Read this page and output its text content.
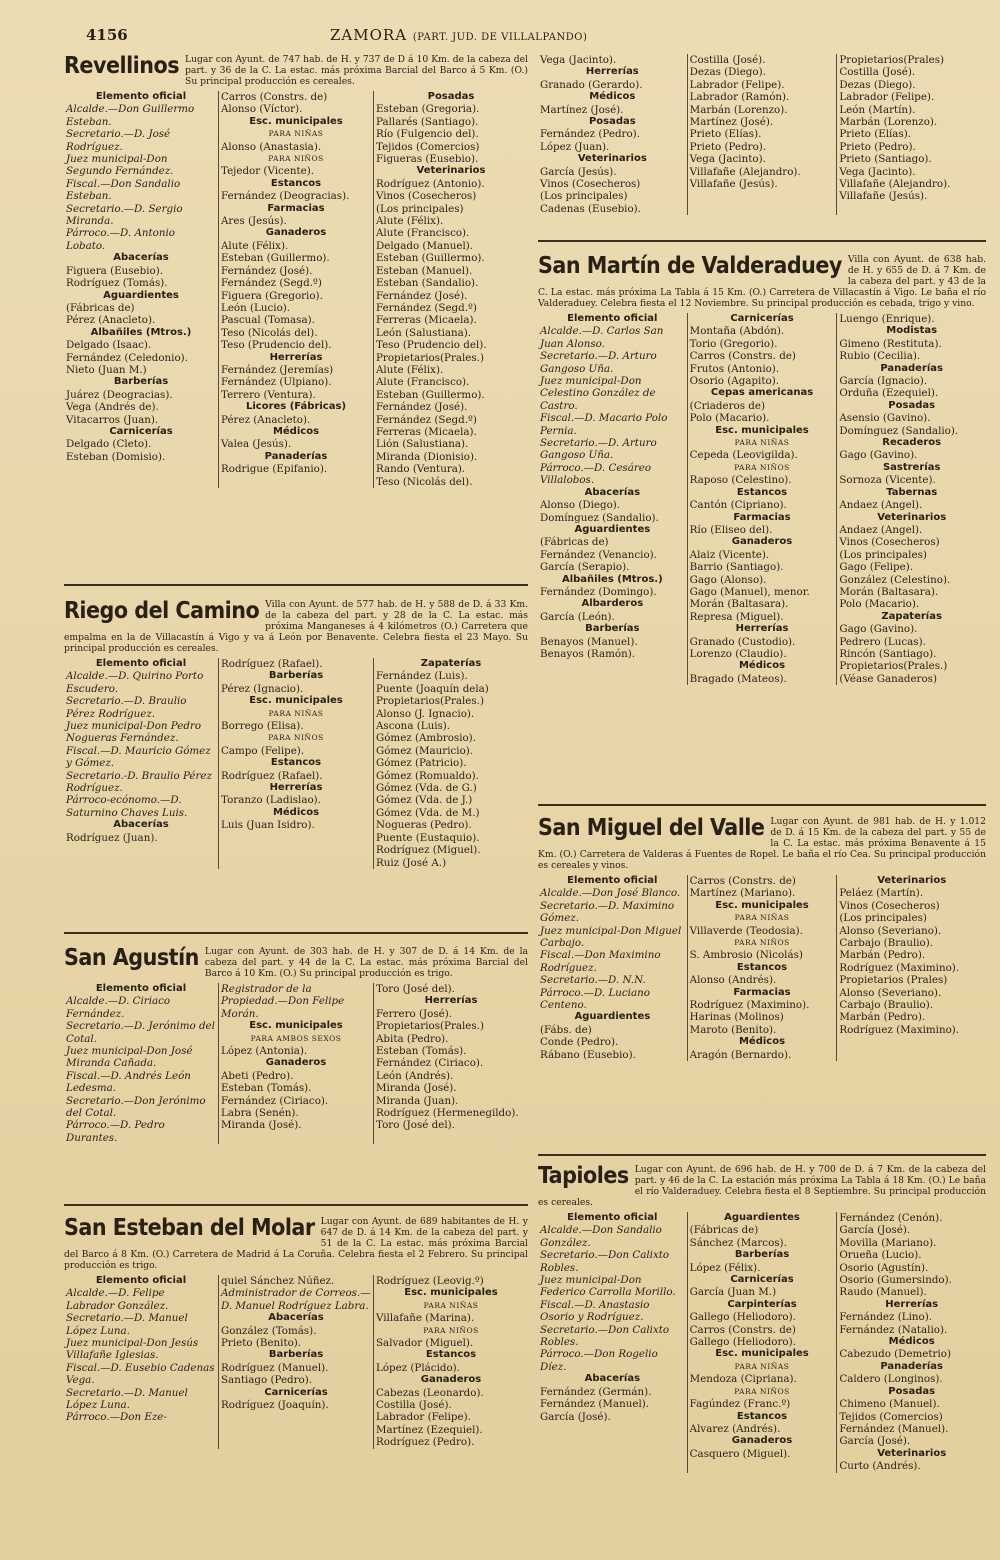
4156	ZAMORA (PART. JUD. DE VILLALPANDO)
Revellinos Lugar con Ayunt. de 747 hab. de H. y 737 de D á 10 Km. de la cabeza del part. y 36 de la C. La estac. más próxima Barcial del Barco á 5 Km. (O.) Su principal producción es cereales.
Elemento oficial
Alcalde.—Don Guillermo Esteban.
Secretario.—D. José Rodríguez.
Juez municipal-Don Segundo Fernández.
Fiscal.—Don Sandalio Esteban.
Secretario.—D. Sergio Miranda.
Párroco.—D. Antonio Lobato.
Abacerías
Figuera (Eusebio).
Rodríguez (Tomás).
Aguardientes
(Fábricas de)
Pérez (Anacleto).
Albañiles (Mtros.)
Delgado (Isaac).
Fernández (Celedonio).
Nieto (Juan M.)
Barberías
Juárez (Deogracias).
Vega (Andrés de).
Vitacarros (Juan).
Carnicerías
Delgado (Cleto).
Esteban (Domisio).
Carros (Constrs. de)
Alonso (Víctor).
Esc. municipales
PARA NIÑAS
Alonso (Anastasia).
PARA NIÑOS
Tejedor (Vicente).
Estancos
Fernández (Deogracias).
Farmacias
Ares (Jesús).
Ganaderos
Alute (Félix).
Esteban (Guillermo).
Fernández (José).
Fernández (Segd.º)
Figuera (Gregorio).
León (Lucio).
Pascual (Tomasa).
Teso (Nicolás del).
Teso (Prudencio del).
Herrerías
Fernández (Jeremías)
Fernández (Ulpiano).
Terrero (Ventura).
Licores (Fábricas)
Pérez (Anacleto).
Médicos
Valea (Jesús).
Panaderías
Rodrigue (Epifanio).
Posadas
Esteban (Gregoria).
Pallarés (Santiago).
Río (Fulgencio del).
Tejidos (Comercios)
Figueras (Eusebio).
Veterinarios
Rodríguez (Antonio).
Vinos (Cosecheros)
(Los principales)
Alute (Félix).
Alute (Francisco).
Delgado (Manuel).
Esteban (Guillermo).
Esteban (Manuel).
Esteban (Sandalio).
Fernández (José).
Fernández (Segd.º)
Ferreras (Micaela).
León (Salustiana).
Teso (Prudencio del).
Propietarios(Prales.)
Alute (Félix).
Alute (Francisco).
Esteban (Guillermo).
Fernández (José).
Fernández (Segd.º)
Ferreras (Micaela).
Lión (Salustiana).
Miranda (Dionisio).
Rando (Ventura).
Teso (Nicolás del).
Riego del Camino Villa con Ayunt. de 577 hab. de H. y 588 de D. á 33 Km. de la cabeza del part. y 28 de la C. La estac. más próxima Manganeses á 4 kilómetros (O.) Carretera que empalma en la de Villacastín á Vigo y va á León por Benavente. Celebra fiesta el 23 Mayo. Su principal producción es cereales.
Elemento oficial
Alcalde.—D. Quirino Porto Escudero.
Secretario.—D. Braulio Pérez Rodríguez.
Juez municipal-Don Pedro Nogueras Fernández.
Fiscal.—D. Mauricio Gómez y Gómez.
Secretario.-D. Braulio Pérez Rodríguez.
Párroco-ecónomo.—D. Saturnino Chaves Luis.
Abacerías
Rodríguez (Juan).
Rodríguez (Rafael).
Barberías
Pérez (Ignacio).
Esc. municipales
PARA NIÑAS
Borrego (Elisa).
PARA NIÑOS
Campo (Felipe).
Estancos
Rodríguez (Rafael).
Herrerías
Toranzo (Ladislao).
Médicos
Luis (Juan Isidro).
Zapaterías
Fernández (Luis).
Puente (Joaquín dela)
Propietarios(Prales.)
Alonso (J. Ignacio).
Ascona (Luis).
Gómez (Ambrosio).
Gómez (Mauricio).
Gómez (Patricio).
Gómez (Romualdo).
Gómez (Vda. de G.)
Gómez (Vda. de J.)
Gómez (Vda. de M.)
Nogueras (Pedro).
Puente (Eustaquio).
Rodríguez (Miguel).
Ruiz (José A.)
San Agustín Lugar con Ayunt. de 303 hab. de H. y 307 de D. á 14 Km. de la cabeza del part. y 44 de la C. La estac. más próxima Barcial del Barco á 10 Km. (O.) Su principal producción es trigo.
Elemento oficial
Alcalde.—D. Ciriaco Fernández.
Secretario.—D. Jerónimo del Cotal.
Juez municipal-Don José Miranda Cañada.
Fiscal.—D. Andrés León Ledesma.
Secretario.—Don Jerónimo del Cotal.
Párroco.—D. Pedro Durantes.
Registrador de la Propiedad.—Don Felipe Morán.
Esc. municipales
PARA AMBOS SEXOS
López (Antonia).
Ganaderos
Abeti (Pedro).
Esteban (Tomás).
Fernández (Ciriaco).
Labra (Senén).
Miranda (José).
Toro (José del).
Herrerías
Ferrero (José).
Propietarios(Prales.)
Abita (Pedro).
Esteban (Tomás).
Fernández (Ciriaco).
León (Andrés).
Miranda (José).
Miranda (Juan).
Rodríguez (Hermenegildo).
Toro (José del).
San Esteban del Molar Lugar con Ayunt. de 689 habitantes de H. y 647 de D. á 14 Km. de la cabeza del part. y 51 de la C. La estac. más próxima Barcial del Barco á 8 Km. (O.) Carretera de Madrid á La Coruña. Celebra fiesta el 2 Febrero. Su principal producción es trigo.
Elemento oficial
Alcalde.—D. Felipe Labrador González.
Secretario.—D. Manuel López Luna.
Juez municipal-Don Jesús Villafañe Iglesias.
Fiscal.—D. Eusebio Cadenas Vega.
Secretario.—D. Manuel López Luna.
Párroco.—Don Eze-
quiel Sánchez Núñez.
Administrador de Correos.—D. Manuel Rodríguez Labra.
Abacerías
González (Tomás).
Prieto (Benito).
Barberías
Rodríguez (Manuel).
Santiago (Pedro).
Carnicerías
Rodríguez (Joaquín).
Rodríguez (Leovig.º)
Esc. municipales
PARA NIÑAS
Villafañe (Marina).
PARA NIÑOS
Salvador (Miguel).
Estancos
López (Plácido).
Ganaderos
Cabezas (Leonardo).
Costilla (José).
Labrador (Felipe).
Martínez (Ezequiel).
Rodríguez (Pedro).
Vega (Jacinto).
Herrerías
Granado (Gerardo).
Médicos
Martínez (José).
Posadas
Fernández (Pedro).
López (Juan).
Veterinarios
García (Jesús).
Vinos (Cosecheros)
(Los principales)
Cadenas (Eusebio).
Costilla (José).
Dezas (Diego).
Labrador (Felipe).
Labrador (Ramón).
Marbán (Lorenzo).
Martínez (José).
Prieto (Elías).
Prieto (Pedro).
Vega (Jacinto).
Villafañe (Alejandro).
Villafañe (Jesús).
Propietarios(Prales)
Costilla (José).
Dezas (Diego).
Labrador (Felipe).
León (Martín).
Marbán (Lorenzo).
Prieto (Elías).
Prieto (Pedro).
Prieto (Santiago).
Vega (Jacinto).
Villafañe (Alejandro).
Villafañe (Jesús).
San Martín de Valderaduey Villa con Ayunt. de 638 hab. de H. y 655 de D. á 7 Km. de la cabeza del part. y 43 de la C. La estac. más próxima La Tabla á 15 Km. (O.) Carretera de Villacastín á Vigo. Le baña el río Valderaduey. Celebra fiesta el 12 Noviembre. Su principal producción es cebada, trigo y vino.
Elemento oficial
Alcalde.—D. Carlos San Juan Alonso.
Secretario.—D. Arturo Gangoso Uña.
Juez municipal-Don Celestino González de Castro.
Fiscal.—D. Macario Polo Pernia.
Secretario.—D. Arturo Gangoso Uña.
Párroco.—D. Cesáreo Villalobos.
Abacerías
Alonso (Diego).
Domínguez (Sandalio).
Aguardientes
(Fábricas de)
Fernández (Venancio).
García (Serapio).
Albañiles (Mtros.)
Fernández (Domingo).
Albarderos
García (León).
Barberías
Benayos (Manuel).
Benayos (Ramón).
Carnicerías
Montaña (Abdón).
Torio (Gregorio).
Carros (Constrs. de)
Frutos (Antonio).
Osorio (Agapito).
Cepas americanas
(Criaderos de)
Polo (Macario).
Esc. municipales
PARA NIÑAS
Cepeda (Leovigilda).
PARA NIÑOS
Raposo (Celestino).
Estancos
Cantón (Cipriano).
Farmacias
Río (Eliseo del).
Ganaderos
Alaiz (Vicente).
Barrio (Santiago).
Gago (Alonso).
Gago (Manuel), menor.
Morán (Baltasara).
Represa (Miguel).
Herrerías
Granado (Custodio).
Lorenzo (Claudio).
Médicos
Bragado (Mateos).
Luengo (Enrique).
Modistas
Gimeno (Restituta).
Rubio (Cecilia).
Panaderías
García (Ignacio).
Orduña (Ezequiel).
Posadas
Asensio (Gavino).
Domínguez (Sandalio).
Recaderos
Gago (Gavino).
Sastrerías
Sornoza (Vicente).
Tabernas
Andaez (Angel).
Veterinarios
Andaez (Angel).
Vinos (Cosecheros)
(Los principales)
Gago (Felipe).
González (Celestino).
Morán (Baltasara).
Polo (Macario).
Zapaterías
Gago (Gavino).
Pedrero (Lucas).
Rincón (Santiago).
Propietarios(Prales.)
(Véase Ganaderos)
San Miguel del Valle Lugar con Ayunt. de 981 hab. de H. y 1.012 de D. á 15 Km. de la cabeza del part. y 55 de la C. La estac. más próxima Benavente á 15 Km. (O.) Carretera de Valderas á Fuentes de Ropel. Le baña el río Cea. Su principal producción es cereales y vinos.
Elemento oficial
Alcalde.—Don José Blanco.
Secretario.—D. Maximino Gómez.
Juez municipal-Don Miguel Carbajo.
Fiscal.—Don Maximino Rodríguez.
Secretario.—D. N.N.
Párroco.—D. Luciano Centeno.
Aguardientes
(Fábs. de)
Conde (Pedro).
Rábano (Eusebio).
Carros (Constrs. de)
Martínez (Mariano).
Esc. municipales
PARA NIÑAS
Villaverde (Teodosia).
PARA NIÑOS
S. Ambrosio (Nicolás)
Estancos
Alonso (Andrés).
Farmacias
Rodríguez (Maximino).
Harinas (Molinos)
Maroto (Benito).
Médicos
Aragón (Bernardo).
Veterinarios
Peláez (Martín).
Vinos (Cosecheros)
(Los principales)
Alonso (Severiano).
Carbajo (Braulio).
Marbán (Pedro).
Rodríguez (Maximino).
Propietarios (Prales)
Alonso (Severiano).
Carbajo (Braulio).
Marbán (Pedro).
Rodríguez (Maximino).
Tapioles Lugar con Ayunt. de 696 hab. de H. y 700 de D. á 7 Km. de la cabeza del part. y 46 de la C. La estación más próxima La Tabla á 18 Km. (O.) Le baña el río Valderaduey. Celebra fiesta el 8 Septiembre. Su principal producción es cereales.
Elemento oficial
Alcalde.—Don Sandalio González.
Secretario.—Don Calixto Robles.
Juez municipal-Don Federico Carrolla Morillo.
Fiscal.—D. Anastasio Osorio y Rodríguez.
Secretario.—Don Calixto Robles.
Párroco.—Don Rogelio Díez.
Abacerías
Fernández (Germán).
Fernández (Manuel).
García (José).
Aguardientes
(Fábricas de)
Sánchez (Marcos).
Barberías
López (Félix).
Carnicerías
García (Juan M.)
Carpinterías
Gallego (Heliodoro).
Carros (Constrs. de)
Gallego (Heliodoro).
Esc. municipales
PARA NIÑAS
Mendoza (Cipriana).
PARA NIÑOS
Fagúndez (Franc.º)
Estancos
Alvarez (Andrés).
Ganaderos
Casquero (Miguel).
Fernández (Cenón).
García (José).
Movilla (Mariano).
Orueña (Lucio).
Osorio (Agustín).
Osorio (Gumersindo).
Raudo (Manuel).
Herrerías
Fernández (Lino).
Fernández (Natalio).
Médicos
Cabezudo (Demetrio)
Panaderías
Caldero (Longinos).
Posadas
Chimeno (Manuel).
Tejidos (Comercios)
Fernández (Manuel).
García (José).
Veterinarios
Curto (Andrés).
